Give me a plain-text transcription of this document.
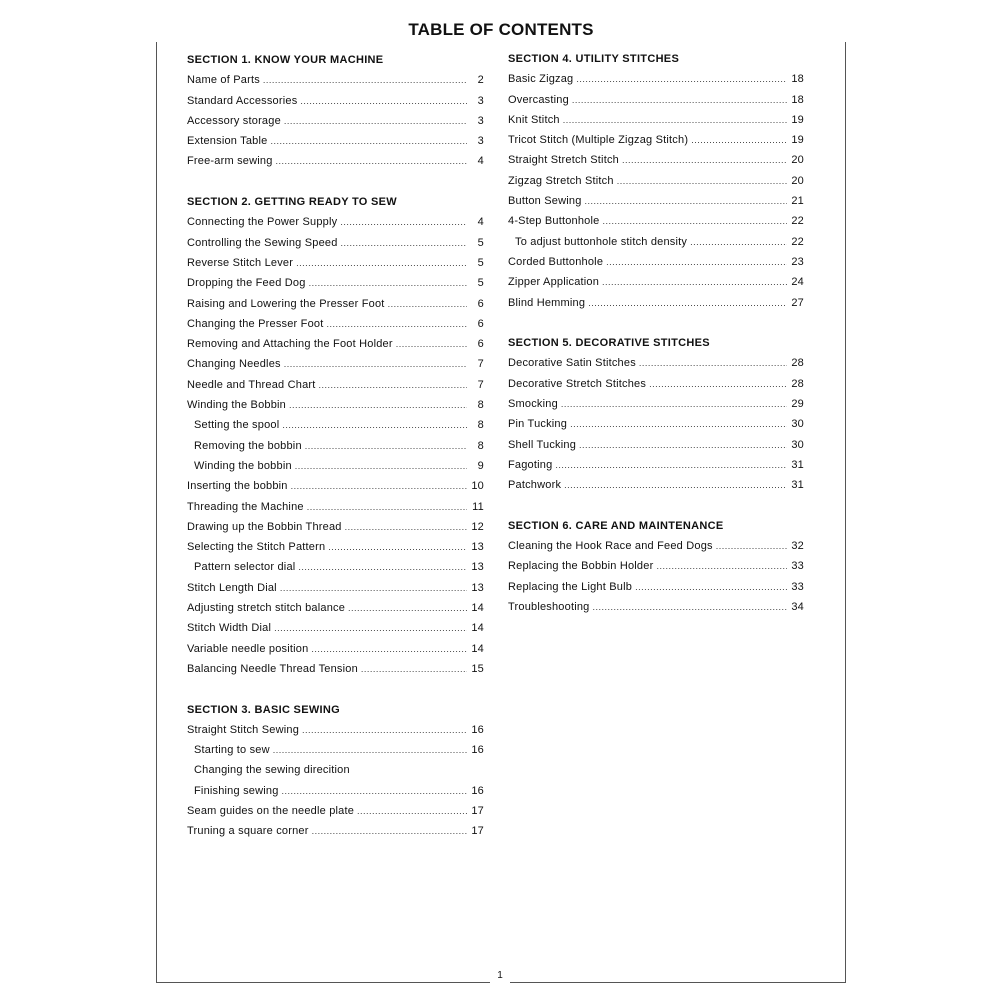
TABLE OF CONTENTS
SECTION 1. KNOW YOUR MACHINE
Name of Parts .....	2
Standard Accessories .....	3
Accessory storage .....	3
Extension Table .....	3
Free-arm sewing .....	4
SECTION 2. GETTING READY TO SEW
Connecting the Power Supply .....	4
Controlling the Sewing Speed .....	5
Reverse Stitch Lever .....	5
Dropping the Feed Dog .....	5
Raising and Lowering the Presser Foot .....	6
Changing the Presser Foot .....	6
Removing and Attaching the Foot Holder .....	6
Changing Needles .....	7
Needle and Thread Chart .....	7
Winding the Bobbin .....	8
Setting the spool .....	8
Removing the bobbin .....	8
Winding the bobbin .....	9
Inserting the bobbin .....	10
Threading the Machine .....	11
Drawing up the Bobbin Thread .....	12
Selecting the Stitch Pattern .....	13
Pattern selector dial .....	13
Stitch Length Dial .....	13
Adjusting stretch stitch balance .....	14
Stitch Width Dial .....	14
Variable needle position .....	14
Balancing Needle Thread Tension .....	15
SECTION 3. BASIC SEWING
Straight Stitch Sewing .....	16
Starting to sew .....	16
Changing the sewing direcition
Finishing sewing .....	16
Seam guides on the needle plate .....	17
Truning a square corner .....	17
SECTION 4. UTILITY STITCHES
Basic Zigzag .....	18
Overcasting .....	18
Knit Stitch .....	19
Tricot Stitch (Multiple Zigzag Stitch) .....	19
Straight Stretch Stitch .....	20
Zigzag Stretch Stitch .....	20
Button Sewing .....	21
4-Step Buttonhole .....	22
To adjust buttonhole stitch density .....	22
Corded Buttonhole .....	23
Zipper Application .....	24
Blind Hemming .....	27
SECTION 5. DECORATIVE STITCHES
Decorative Satin Stitches .....	28
Decorative Stretch Stitches .....	28
Smocking .....	29
Pin Tucking .....	30
Shell Tucking .....	30
Fagoting .....	31
Patchwork .....	31
SECTION 6. CARE AND MAINTENANCE
Cleaning the Hook Race and Feed Dogs .....	32
Replacing the Bobbin Holder .....	33
Replacing the Light Bulb .....	33
Troubleshooting .....	34
1
